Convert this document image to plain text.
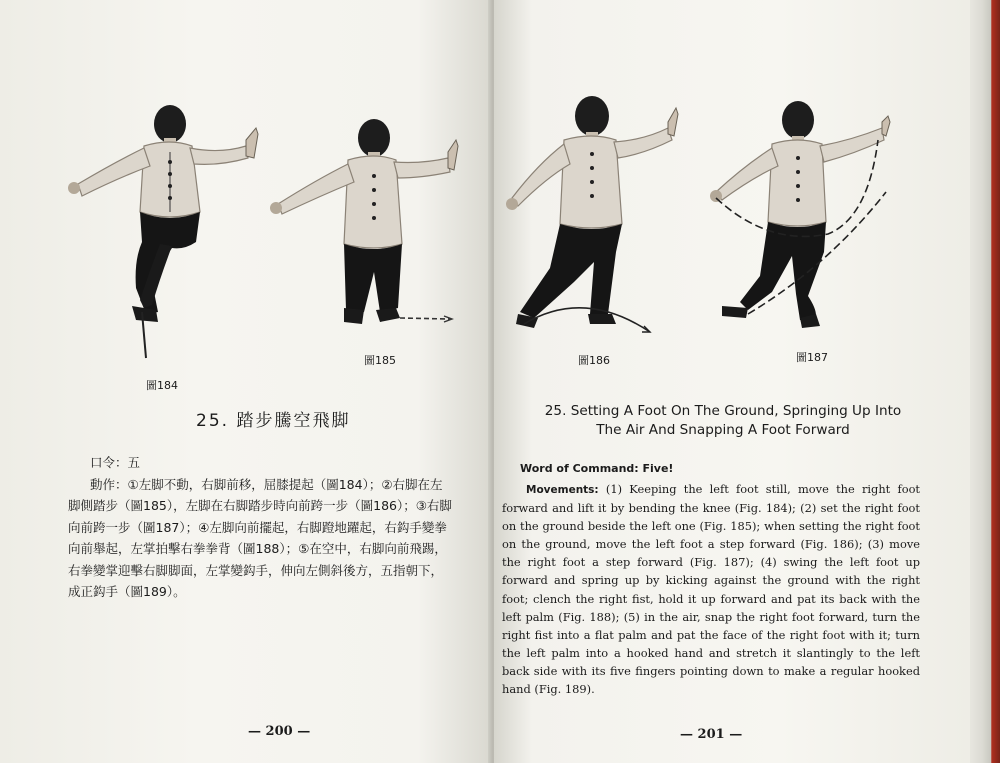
圖184
圖185
25. 踏步騰空飛脚

口令：五

動作：①左脚不動，右脚前移，屈膝提起（圖184）；②右脚在左

脚側踏步（圖185），左脚在右脚踏步時向前跨一步（圖186）；③右脚

向前跨一步（圖187）；④左脚向前擺起，右脚蹬地躍起，右鈎手變拳

向前舉起，左掌拍擊右拳拳背（圖188）；⑤在空中，右脚向前飛踢，

右拳變掌迎擊右脚脚面，左掌變鈎手，伸向左側斜後方，五指朝下，

成正鈎手（圖189）。

— 200 —
圖186	圖187
25. Setting A Foot On The Ground, Springing Up Into
The Air And Snapping A Foot Forward
Word of Command: Five!
Movements: (1) Keeping the left foot still, move the right foot forward and lift it by bending the knee (Fig. 184); (2) set the right foot on the ground beside the left one (Fig. 185); when setting the right foot on the ground, move the left foot a step forward (Fig. 186); (3) move the right foot a step forward (Fig. 187); (4) swing the left foot up forward and spring up by kicking against the ground with the right foot; clench the right fist, hold it up forward and pat its back with the left palm (Fig. 188); (5) in the air, snap the right foot forward, turn the right fist into a flat palm and pat the face of the right foot with it; turn the left palm into a hooked hand and stretch it slantingly to the left back side with its five fingers pointing down to make a regular hooked hand (Fig. 189).
— 201 —
